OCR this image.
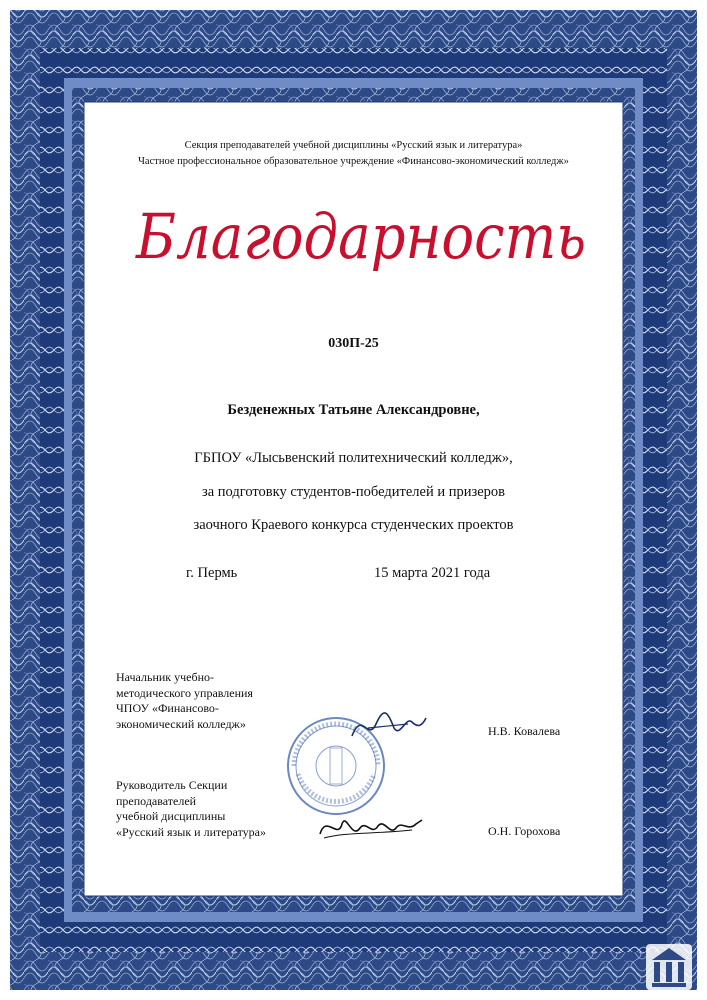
Секция преподавателей учебной дисциплины «Русский язык и литература»
Частное профессиональное образовательное учреждение «Финансово-экономический колледж»
Благодарность
030П-25
Безденежных Татьяне Александровне,
ГБПОУ «Лысьвенский политехнический колледж»,
за подготовку студентов-победителей и призеров
заочного Краевого конкурса студенческих проектов
г. Пермь	15 марта 2021 года
Начальник учебно-
методического управления
ЧПОУ «Финансово-
экономический колледж»
Н.В. Ковалева
Руководитель Секции
преподавателей
учебной дисциплины
«Русский язык и литература»	О.Н. Горохова
